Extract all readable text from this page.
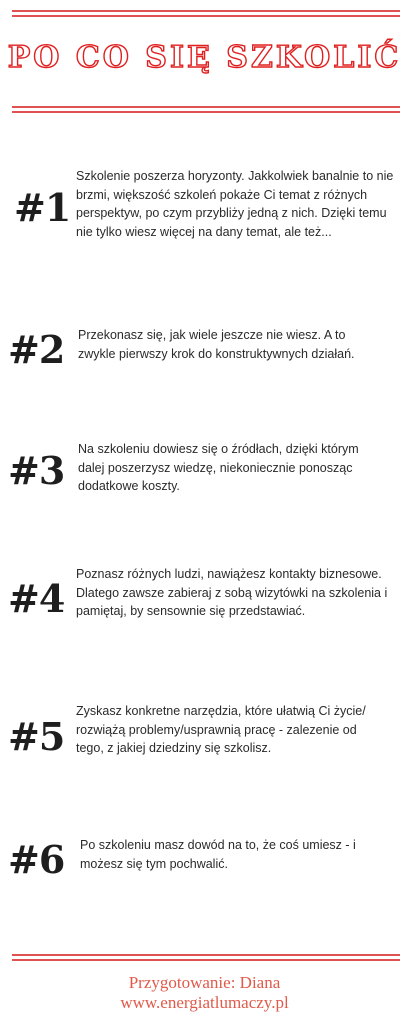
PO CO SIĘ SZKOLIĆ
#1
Szkolenie poszerza horyzonty. Jakkolwiek banalnie to nie brzmi, większość szkoleń pokaże Ci temat z różnych perspektyw, po czym przybliży jedną z nich. Dzięki temu nie tylko wiesz więcej na dany temat, ale też...
#2 Przekonasz się, jak wiele jeszcze nie wiesz. A to zwykle pierwszy krok do konstruktywnych działań.
#3 Na szkoleniu dowiesz się o źródłach, dzięki którym dalej poszerzysz wiedzę, niekoniecznie ponosząc dodatkowe koszty.
#4
Poznasz różnych ludzi, nawiążesz kontakty biznesowe. Dlatego zawsze zabieraj z sobą wizytówki na szkolenia i pamiętaj, by sensownie się przedstawiać.
#5
Zyskasz konkretne narzędzia, które ułatwią Ci życie/ rozwiążą problemy/usprawnią pracę - zalezenie od tego, z jakiej dziedziny się szkolisz.
#6 Po szkoleniu masz dowód na to, że coś umiesz - i możesz się tym pochwalić.
Przygotowanie: Diana
www.energiatlumaczy.pl
